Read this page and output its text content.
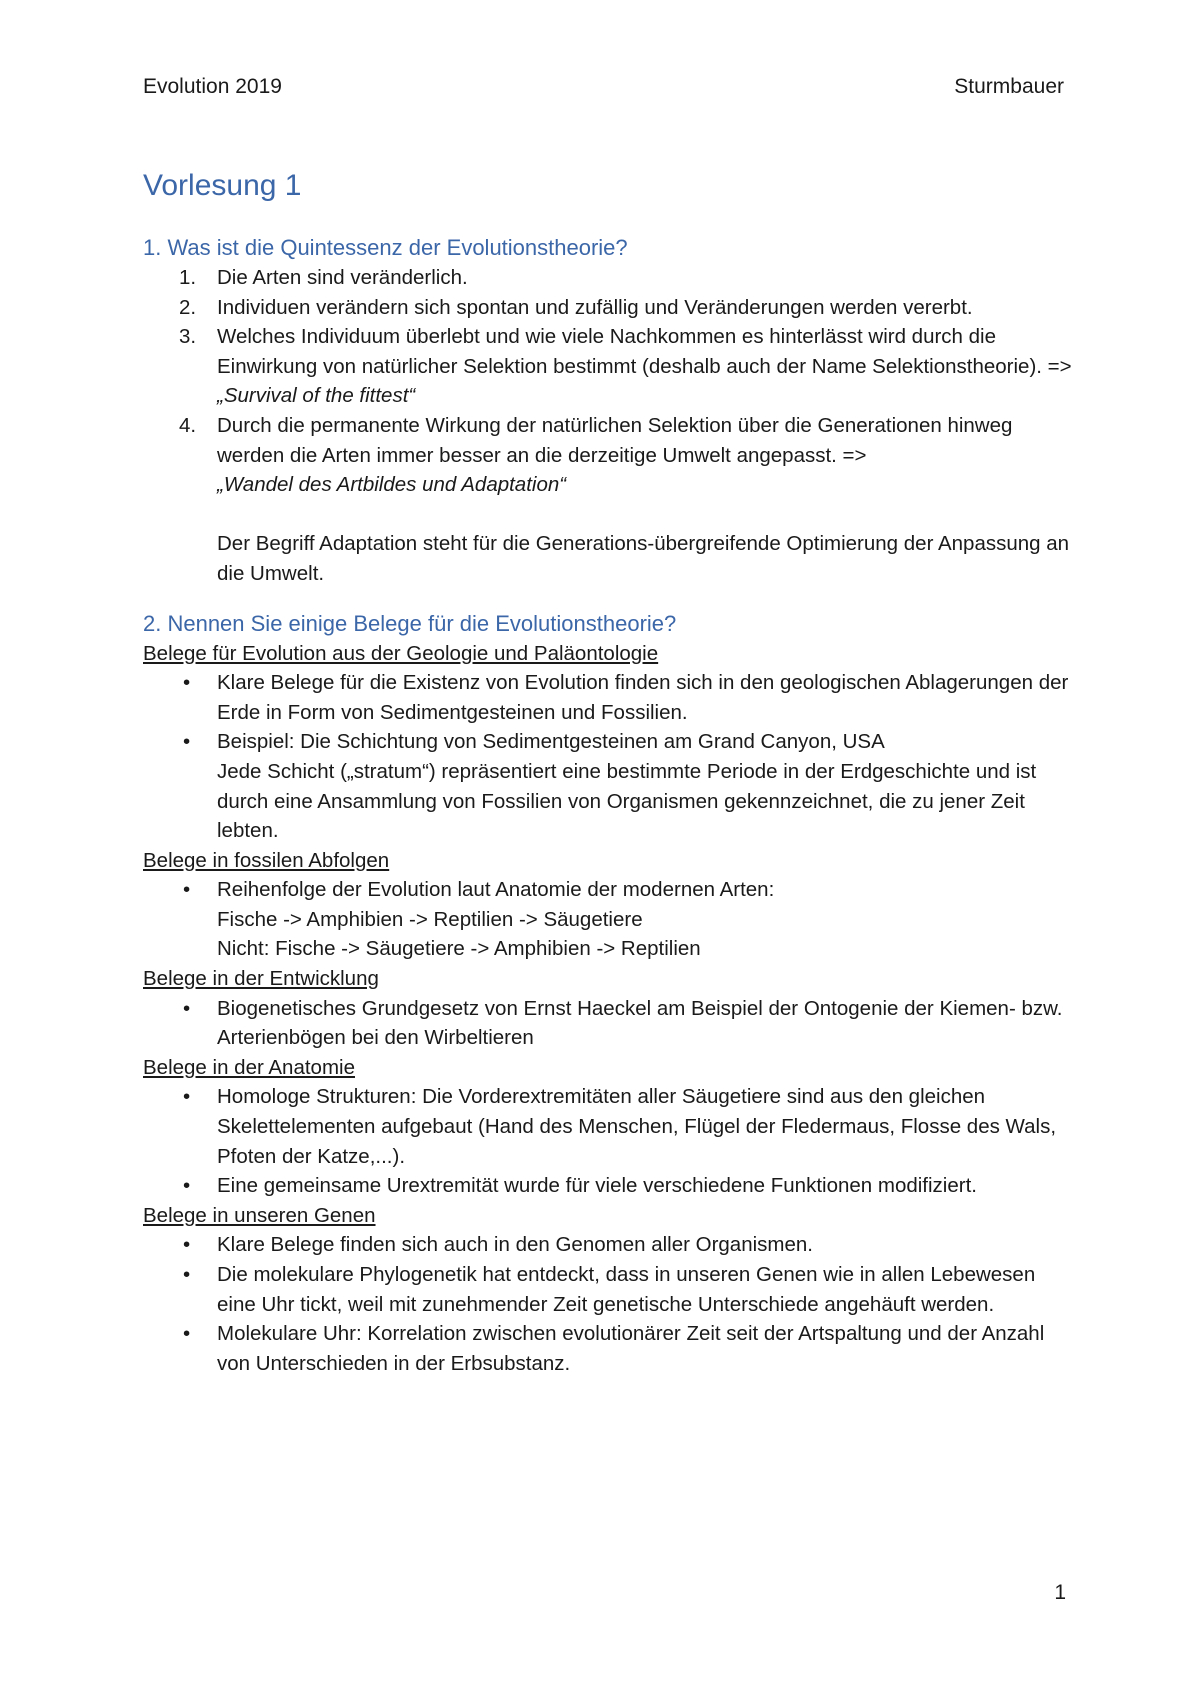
Evolution 2019	Sturmbauer
Vorlesung 1
1. Was ist die Quintessenz der Evolutionstheorie?
1. Die Arten sind veränderlich.
2. Individuen verändern sich spontan und zufällig und Veränderungen werden vererbt.
3. Welches Individuum überlebt und wie viele Nachkommen es hinterlässt wird durch die Einwirkung von natürlicher Selektion bestimmt (deshalb auch der Name Selektionstheorie). => „Survival of the fittest“
4. Durch die permanente Wirkung der natürlichen Selektion über die Generationen hinweg werden die Arten immer besser an die derzeitige Umwelt angepasst. =>
„Wandel des Artbildes und Adaptation“

Der Begriff Adaptation steht für die Generations-übergreifende Optimierung der Anpassung an die Umwelt.

2. Nennen Sie einige Belege für die Evolutionstheorie?

Belege für Evolution aus der Geologie und Paläontologie

• Klare Belege für die Existenz von Evolution finden sich in den geologischen Ablagerungen der Erde in Form von Sedimentgesteinen und Fossilien.
• Beispiel: Die Schichtung von Sedimentgesteinen am Grand Canyon, USA
Jede Schicht („stratum“) repräsentiert eine bestimmte Periode in der Erdgeschichte und ist durch eine Ansammlung von Fossilien von Organismen gekennzeichnet, die zu jener Zeit lebten.

Belege in fossilen Abfolgen

• Reihenfolge der Evolution laut Anatomie der modernen Arten:
Fische -> Amphibien -> Reptilien -> Säugetiere
Nicht: Fische -> Säugetiere -> Amphibien -> Reptilien

Belege in der Entwicklung

• Biogenetisches Grundgesetz von Ernst Haeckel am Beispiel der Ontogenie der Kiemen- bzw. Arterienbögen bei den Wirbeltieren

Belege in der Anatomie

• Homologe Strukturen: Die Vorderextremitäten aller Säugetiere sind aus den gleichen Skelettelementen aufgebaut (Hand des Menschen, Flügel der Fledermaus, Flosse des Wals, Pfoten der Katze,...).
• Eine gemeinsame Urextremität wurde für viele verschiedene Funktionen modifiziert.

Belege in unseren Genen

• Klare Belege finden sich auch in den Genomen aller Organismen.
• Die molekulare Phylogenetik hat entdeckt, dass in unseren Genen wie in allen Lebewesen eine Uhr tickt, weil mit zunehmender Zeit genetische Unterschiede angehäuft werden.
• Molekulare Uhr: Korrelation zwischen evolutionärer Zeit seit der Artspaltung und der Anzahl von Unterschieden in der Erbsubstanz.
1
